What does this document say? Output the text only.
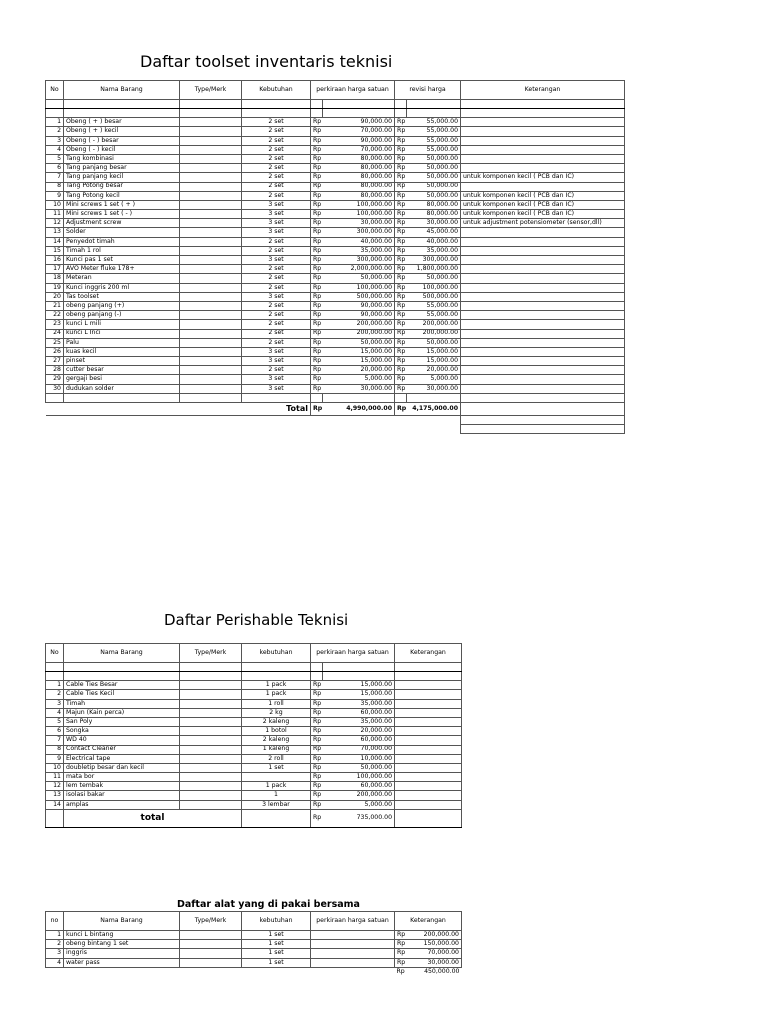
Daftar toolset inventaris teknisi
No	Nama Barang	Type/Merk	Kebutuhan	perkiraan harga satuan		revisi harga		Keterangan

1	Obeng ( + ) besar		2 set	Rp	90,000.00	Rp	55,000.00	
2	Obeng ( + ) kecil		2 set	Rp	70,000.00	Rp	55,000.00	
3	Obeng ( - ) besar		2 set	Rp	90,000.00	Rp	55,000.00	
4	Obeng ( - ) kecil		2 set	Rp	70,000.00	Rp	55,000.00	
5	Tang kombinasi		2 set	Rp	80,000.00	Rp	50,000.00	
6	Tang panjang besar		2 set	Rp	80,000.00	Rp	50,000.00	
7	Tang panjang kecil		2 set	Rp	80,000.00	Rp	50,000.00	untuk komponen kecil ( PCB dan IC)
8	Tang Potong besar		2 set	Rp	80,000.00	Rp	50,000.00	
9	Tang Potong kecil		2 set	Rp	80,000.00	Rp	50,000.00	untuk komponen kecil ( PCB dan IC)
10	Mini screws 1 set ( + )		3 set	Rp	100,000.00	Rp	80,000.00	untuk komponen kecil ( PCB dan IC)
11	Mini screws 1 set ( - )		3 set	Rp	100,000.00	Rp	80,000.00	untuk komponen kecil ( PCB dan IC)
12	Adjustment screw		3 set	Rp	30,000.00	Rp	30,000.00	untuk adjustment potensiometer (sensor,dll)
13	Solder		3 set	Rp	300,000.00	Rp	45,000.00	
14	Penyedot timah		2 set	Rp	40,000.00	Rp	40,000.00	
15	Timah 1 rol		2 set	Rp	35,000.00	Rp	35,000.00	
16	Kunci pas 1 set		3 set	Rp	300,000.00	Rp	300,000.00	
17	AVO Meter fluke 178+		2 set	Rp	2,000,000.00	Rp	1,800,000.00	
18	Meteran		2 set	Rp	50,000.00	Rp	50,000.00	
19	Kunci inggris 200 ml		2 set	Rp	100,000.00	Rp	100,000.00	
20	Tas toolset		3 set	Rp	500,000.00	Rp	500,000.00	
21	obeng panjang (+)		2 set	Rp	90,000.00	Rp	55,000.00	
22	obeng panjang (-)		2 set	Rp	90,000.00	Rp	55,000.00	
23	kunci L mili		2 set	Rp	200,000.00	Rp	200,000.00	
24	kunci L Inci		2 set	Rp	200,000.00	Rp	200,000.00	
25	Palu		2 set	Rp	50,000.00	Rp	50,000.00	
26	kuas kecil		3 set	Rp	15,000.00	Rp	15,000.00	
27	pinset		3 set	Rp	15,000.00	Rp	15,000.00	
28	cutter besar		2 set	Rp	20,000.00	Rp	20,000.00	
29	gergaji besi		3 set	Rp	5,000.00	Rp	5,000.00	
30	dudukan solder		3 set	Rp	30,000.00	Rp	30,000.00	

Total				Rp	4,990,000.00	Rp	4,175,000.00	

Daftar Perishable Teknisi
No	Nama Barang	Type/Merk	kebutuhan	perkiraan harga satuan		Keterangan

1	Cable Ties Besar		1 pack	Rp	15,000.00	
2	Cable Ties Kecil		1 pack	Rp	15,000.00	
3	Timah		1 roll	Rp	35,000.00	
4	Majun (Kain perca)		2 kg	Rp	60,000.00	
5	San Poly		2 kaleng	Rp	35,000.00	
6	Songka		1 botol	Rp	20,000.00	
7	WD 40		2 kaleng	Rp	60,000.00	
8	Contact Cleaner		1 kaleng	Rp	70,000.00	
9	Electrical tape		2 roll	Rp	10,000.00	
10	doubletip besar dan kecil		1 set	Rp	50,000.00	
11	mata bor			Rp	100,000.00	
12	lem tembak		1 pack	Rp	60,000.00	
13	isolasi bakar		1	Rp	200,000.00	
14	amplas		3 lembar	Rp	5,000.00	
	total			Rp	735,000.00	
Daftar alat yang di pakai bersama
no	Nama Barang	Type/Merk	kebutuhan	perkiraan harga satuan	Keterangan	
1	kunci L bintang		1 set		Rp	200,000.00
2	obeng bintang 1 set		1 set		Rp	150,000.00
3	inggris		1 set		Rp	70,000.00
4	water pass		1 set		Rp	30,000.00
					Rp	450,000.00
